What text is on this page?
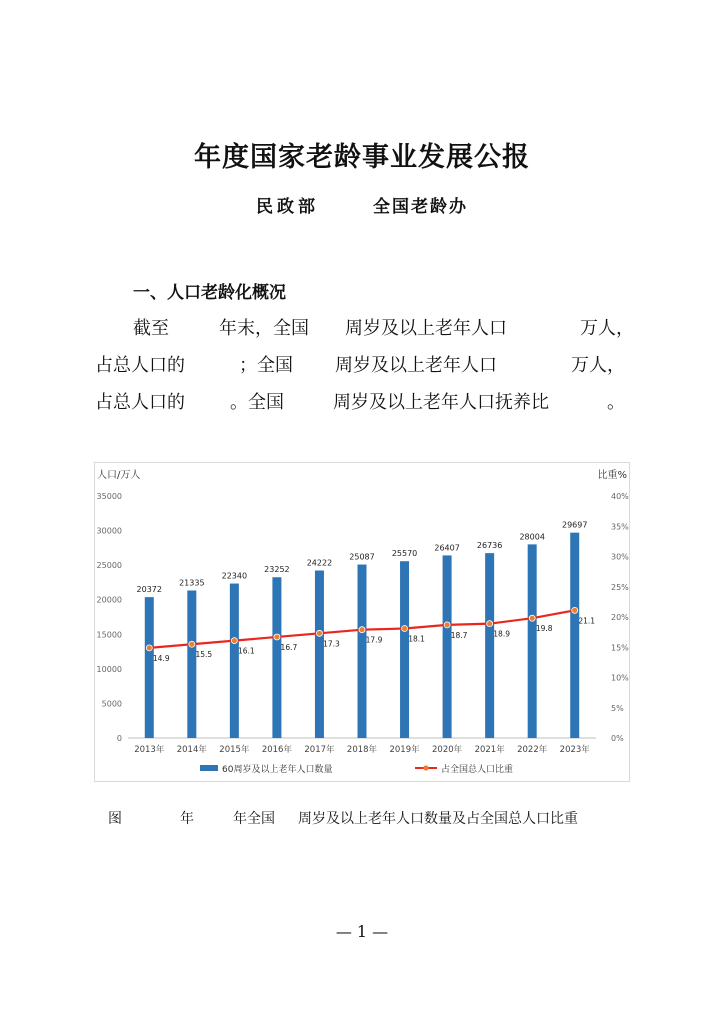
年度国家老龄事业发展公报
民政部	全国老龄办
一、人口老龄化概况
截至	年末，全国 周岁及以上老年人口	万人，
占总人口的	；全国 周岁及以上老年人口	万人，
占总人口的	。全国	周岁及以上老年人口抚养比	。
人口/万人	比重%
0
5000
10000
15000
20000
25000
30000
35000
0%
5%
10%
15%
20%
25%
30%
35%
40%
2013年 2014年 2015年 2016年 2017年 2018年 2019年 2020年 2021年 2022年 2023年
20372
21335
22340
23252
24222
25087 25570
26407 26736
28004
29697
14.9	15.5	16.1	16.7	17.3	17.9	18.1	18.7	18.9
19.8
21.1
60周岁及以上老年人口数量	占全国总人口比重
图	年	年全国 周岁及以上老年人口数量及占全国总人口比重
— 1 —
